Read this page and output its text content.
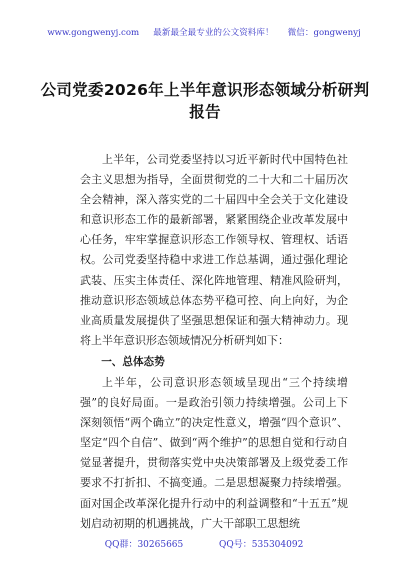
www.gongwenyj.com 　 最新最全最专业的公文资料库！ 　 微信：gongwenyj
公司党委2026年上半年意识形态领域分析研判报告

上半年，公司党委坚持以习近平新时代中国特色社会主义思想为指导，全面贯彻党的二十大和二十届历次全会精神，深入落实党的二十届四中全会关于文化建设和意识形态工作的最新部署，紧紧围绕企业改革发展中心任务，牢牢掌握意识形态工作领导权、管理权、话语权。公司党委坚持稳中求进工作总基调，通过强化理论武装、压实主体责任、深化阵地管理、精准风险研判，推动意识形态领域总体态势平稳可控、向上向好，为企业高质量发展提供了坚强思想保证和强大精神动力。现将上半年意识形态领域情况分析研判如下：

一、总体态势

上半年，公司意识形态领域呈现出“三个持续增强”的良好局面。一是政治引领力持续增强。公司上下深刻领悟“两个确立”的决定性意义，增强“四个意识”、坚定“四个自信”、做到“两个维护”的思想自觉和行动自觉显著提升，贯彻落实党中央决策部署及上级党委工作要求不打折扣、不搞变通。二是思想凝聚力持续增强。面对国企改革深化提升行动中的利益调整和“十五五”规划启动初期的机遇挑战，广大干部职工思想统

QQ群：30265665	QQ号：535304092
